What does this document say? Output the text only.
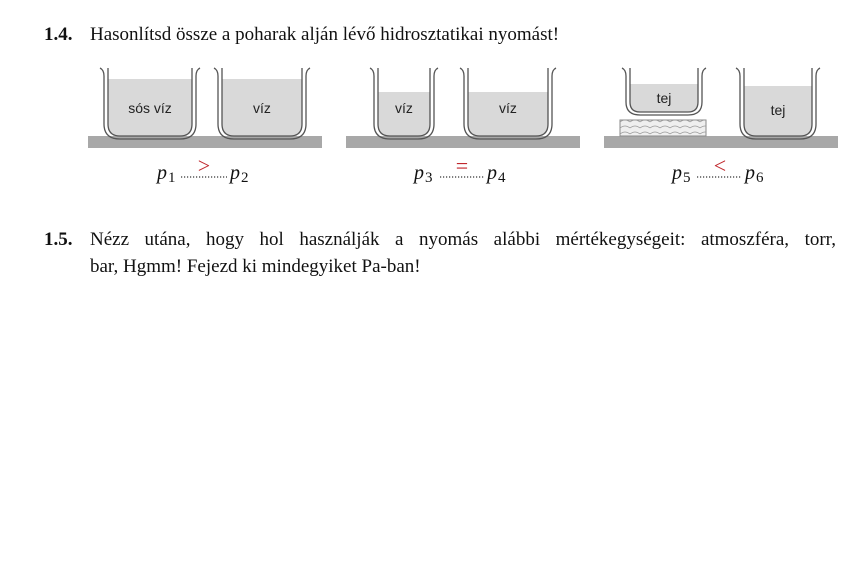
1.4. Hasonlítsd össze a poharak alján lévő hidrosztatikai nyomást!
sós víz	víz
p 1 > p 2
víz	víz
p 3 = p 4
tej
tej
p 5 < p 6
1.5. Nézz utána, hogy hol használják a nyomás alábbi mértékegységeit: atmoszféra, torr,
bar, Hgmm! Fejezd ki mindegyiket Pa-ban!
